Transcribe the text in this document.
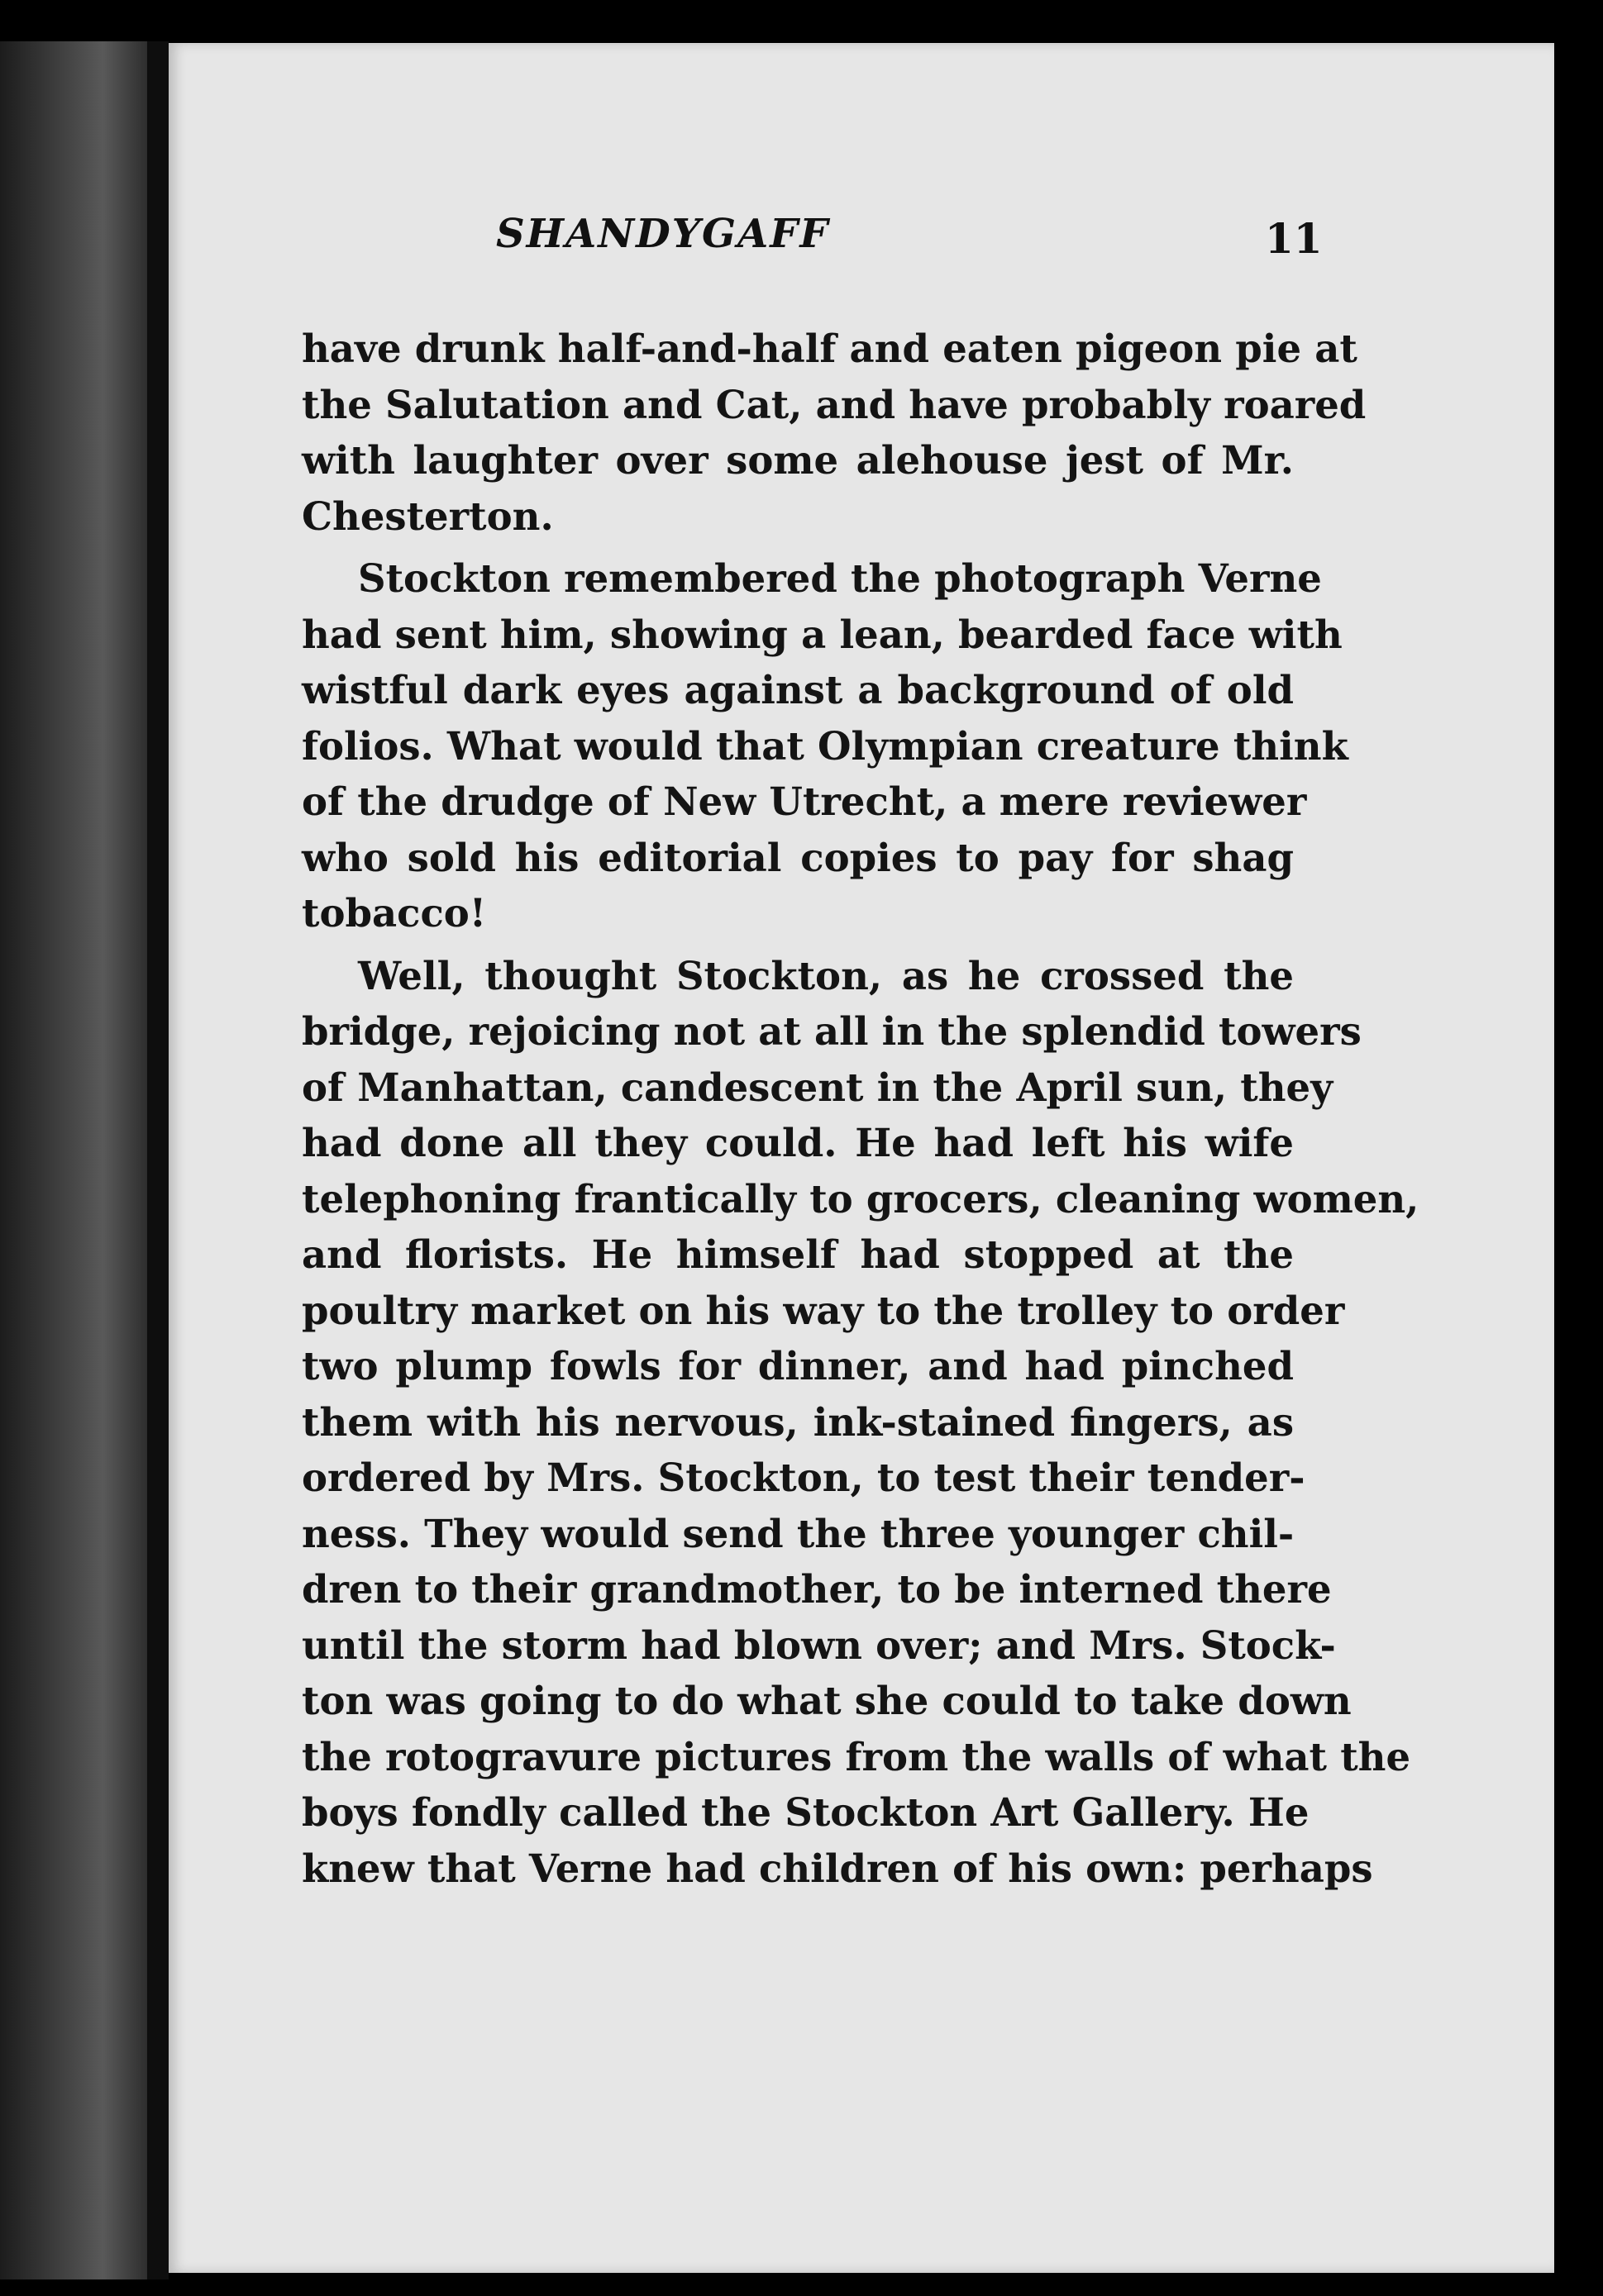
SHANDYGAFF	11
have drunk half-and-half and eaten pigeon pie at
the Salutation and Cat, and have probably roared
with laughter over some alehouse jest of Mr.
Chesterton.
Stockton remembered the photograph Verne
had sent him, showing a lean, bearded face with
wistful dark eyes against a background of old
folios. What would that Olympian creature think
of the drudge of New Utrecht, a mere reviewer
who sold his editorial copies to pay for shag
tobacco!
Well, thought Stockton, as he crossed the
bridge, rejoicing not at all in the splendid towers
of Manhattan, candescent in the April sun, they
had done all they could. He had left his wife
telephoning frantically to grocers, cleaning women,
and florists. He himself had stopped at the
poultry market on his way to the trolley to order
two plump fowls for dinner, and had pinched
them with his nervous, ink-stained fingers, as
ordered by Mrs. Stockton, to test their tender-
ness. They would send the three younger chil-
dren to their grandmother, to be interned there
until the storm had blown over; and Mrs. Stock-
ton was going to do what she could to take down
the rotogravure pictures from the walls of what the
boys fondly called the Stockton Art Gallery. He
knew that Verne had children of his own: perhaps
